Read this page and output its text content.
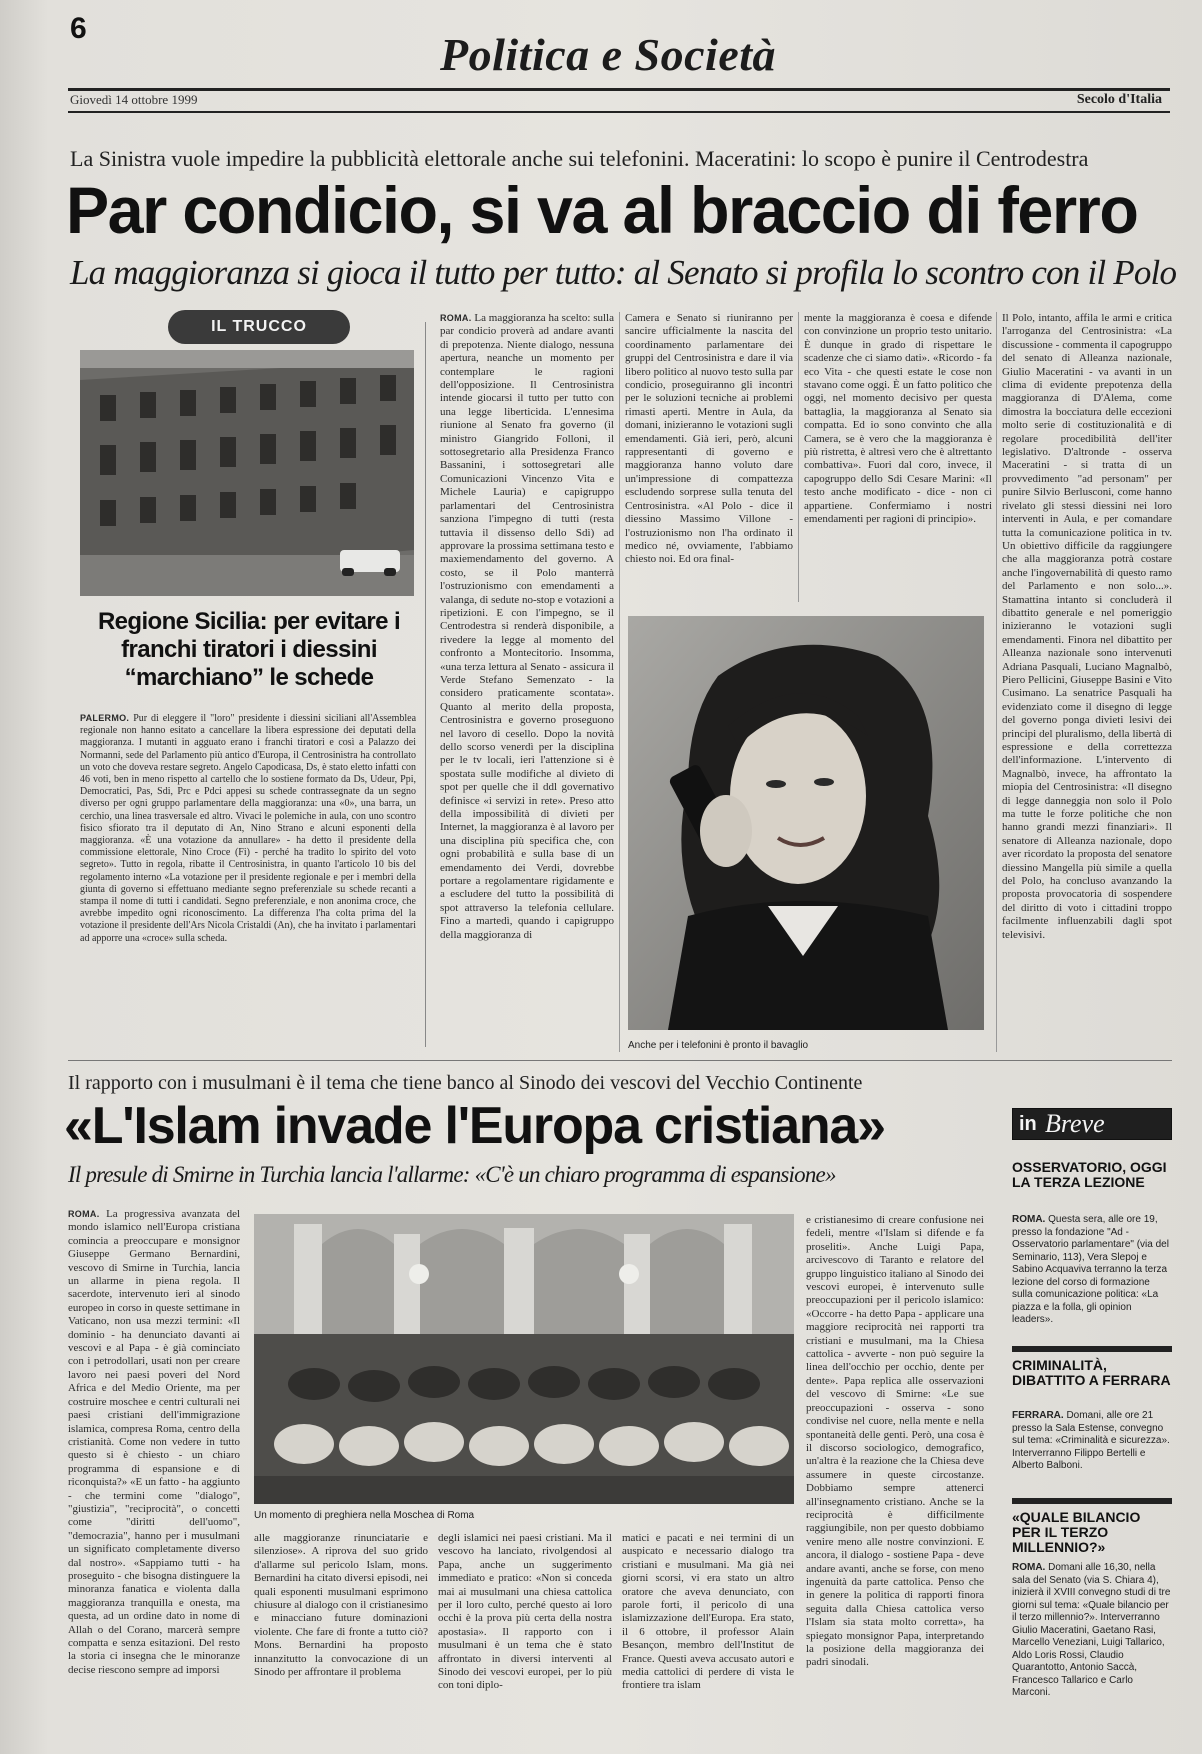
6
Politica e Società
Giovedì 14 ottobre 1999	Secolo d'Italia
La Sinistra vuole impedire la pubblicità elettorale anche sui telefonini. Maceratini: lo scopo è punire il Centrodestra
Par condicio, si va al braccio di ferro
La maggioranza si gioca il tutto per tutto: al Senato si profila lo scontro con il Polo
IL TRUCCO
Regione Sicilia: per evitare i franchi tiratori i diessini “marchiano” le schede
PALERMO. Pur di eleggere il "loro" presidente i diessini siciliani all'Assemblea regionale non hanno esitato a cancellare la libera espressione dei deputati della maggioranza. I mutanti in agguato erano i franchi tiratori e così a Palazzo dei Normanni, sede del Parlamento più antico d'Europa, il Centrosinistra ha controllato un voto che doveva restare segreto. Angelo Capodicasa, Ds, è stato eletto infatti con 46 voti, ben in meno rispetto al cartello che lo sostiene formato da Ds, Udeur, Ppi, Democratici, Pas, Sdi, Prc e Pdci appesi su schede contrassegnate da un segno diverso per ogni gruppo parlamentare della maggioranza: una «0», una barra, un cerchio, una linea trasversale ed altro. Vivaci le polemiche in aula, con uno scontro fisico sfiorato tra il deputato di An, Nino Strano e alcuni esponenti della maggioranza. «È una votazione da annullare» - ha detto il presidente della commissione elettorale, Nino Croce (Fi) - perché ha tradito lo spirito del voto segreto». Tutto in regola, ribatte il Centrosinistra, in quanto l'articolo 10 bis del regolamento interno «La votazione per il presidente regionale e per i membri della giunta di governo si effettuano mediante segno preferenziale su schede recanti a stampa il nome di tutti i candidati. Segno preferenziale, e non anonima croce, che avrebbe impedito ogni riconoscimento. La differenza l'ha colta prima del la votazione il presidente dell'Ars Nicola Cristaldi (An), che ha invitato i parlamentari ad apporre una «croce» sulla scheda.
ROMA. La maggioranza ha scelto: sulla par condicio proverà ad andare avanti di prepotenza. Niente dialogo, nessuna apertura, neanche un momento per contemplare le ragioni dell'opposizione. Il Centrosinistra intende giocarsi il tutto per tutto con una legge liberticida. L'ennesima riunione al Senato fra governo (il ministro Giangrido Folloni, il sottosegretario alla Presidenza Franco Bassanini, i sottosegretari alle Comunicazioni Vincenzo Vita e Michele Lauria) e capigruppo parlamentari del Centrosinistra sanziona l'impegno di tutti (resta tuttavia il dissenso dello Sdi) ad approvare la prossima settimana testo e maxiemendamento del governo. A costo, se il Polo manterrà l'ostruzionismo con emendamenti a valanga, di sedute no-stop e votazioni a ripetizioni. E con l'impegno, se il Centrodestra si renderà disponibile, a rivedere la legge al momento del confronto a Montecitorio. Insomma, «una terza lettura al Senato - assicura il Verde Stefano Semenzato - la considero praticamente scontata». Quanto al merito della proposta, Centrosinistra e governo proseguono nel lavoro di cesello. Dopo la novità dello scorso venerdì per la disciplina per le tv locali, ieri l'attenzione si è spostata sulle modifiche al divieto di spot per quelle che il ddl governativo definisce «i servizi in rete». Preso atto della impossibilità di divieti per Internet, la maggioranza è al lavoro per una disciplina più specifica che, con ogni probabilità e sulla base di un emendamento dei Verdi, dovrebbe portare a regolamentare rigidamente e a escludere del tutto la possibilità di spot attraverso la telefonia cellulare. Fino a martedì, quando i capigruppo della maggioranza di
Camera e Senato si riuniranno per sancire ufficialmente la nascita del coordinamento parlamentare dei gruppi del Centrosinistra e dare il via libero politico al nuovo testo sulla par condicio, proseguiranno gli incontri per le soluzioni tecniche ai problemi rimasti aperti. Mentre in Aula, da domani, inizieranno le votazioni sugli emendamenti. Già ieri, però, alcuni rappresentanti di governo e maggioranza hanno voluto dare un'impressione di compattezza escludendo sorprese sulla tenuta del Centrosinistra. «Al Polo - dice il diessino Massimo Villone - l'ostruzionismo non l'ha ordinato il medico né, ovviamente, l'abbiamo chiesto noi. Ed ora final-
mente la maggioranza è coesa e difende con convinzione un proprio testo unitario. È dunque in grado di rispettare le scadenze che ci siamo dati». «Ricordo - fa eco Vita - che questi estate le cose non stavano come oggi. È un fatto politico che oggi, nel momento decisivo per questa battaglia, la maggioranza al Senato sia compatta. Ed io sono convinto che alla Camera, se è vero che la maggioranza è più ristretta, è altresì vero che è altrettanto combattiva». Fuori dal coro, invece, il capogruppo dello Sdi Cesare Marini: «Il testo anche modificato - dice - non ci appartiene. Confermiamo i nostri emendamenti per ragioni di principio».
Il Polo, intanto, affila le armi e critica l'arroganza del Centrosinistra: «La discussione - commenta il capogruppo del senato di Alleanza nazionale, Giulio Maceratini - va avanti in un clima di evidente prepotenza della maggioranza di D'Alema, come dimostra la bocciatura delle eccezioni molto serie di costituzionalità e di regolare procedibilità dell'iter legislativo. D'altronde - osserva Maceratini - si tratta di un provvedimento "ad personam" per punire Silvio Berlusconi, come hanno rivelato gli stessi diessini nei loro interventi in Aula, e per comandare tutta la comunicazione politica in tv. Un obiettivo difficile da raggiungere che alla maggioranza potrà costare anche l'ingovernabilità di questo ramo del Parlamento e non solo...». Stamattina intanto si concluderà il dibattito generale e nel pomeriggio inizieranno le votazioni sugli emendamenti. Finora nel dibattito per Alleanza nazionale sono intervenuti Adriana Pasquali, Luciano Magnalbò, Piero Pellicini, Giuseppe Basini e Vito Cusimano. La senatrice Pasquali ha evidenziato come il disegno di legge del governo ponga divieti lesivi dei principi del pluralismo, della libertà di espressione e della correttezza dell'informazione. L'intervento di Magnalbò, invece, ha affrontato la miopia del Centrosinistra: «Il disegno di legge danneggia non solo il Polo ma tutte le forze politiche che non hanno grandi mezzi finanziari». Il senatore di Alleanza nazionale, dopo aver ricordato la proposta del senatore diessino Mangella più simile a quella del Polo, ha concluso avanzando la proposta provocatoria di sospendere del diritto di voto i cittadini troppo facilmente influenzabili dagli spot televisivi.
Anche per i telefonini è pronto il bavaglio
Il rapporto con i musulmani è il tema che tiene banco al Sinodo dei vescovi del Vecchio Continente
«L'Islam invade l'Europa cristiana»
Il presule di Smirne in Turchia lancia l'allarme: «C'è un chiaro programma di espansione»
ROMA. La progressiva avanzata del mondo islamico nell'Europa cristiana comincia a preoccupare e monsignor Giuseppe Germano Bernardini, vescovo di Smirne in Turchia, lancia un allarme in piena regola. Il sacerdote, intervenuto ieri al sinodo europeo in corso in queste settimane in Vaticano, non usa mezzi termini: «Il dominio - ha denunciato davanti ai vescovi e al Papa - è già cominciato con i petrodollari, usati non per creare lavoro nei paesi poveri del Nord Africa e del Medio Oriente, ma per costruire moschee e centri culturali nei paesi cristiani dell'immigrazione islamica, compresa Roma, centro della cristianità. Come non vedere in tutto questo si è chiesto - un chiaro programma di espansione e di riconquista?» «E un fatto - ha aggiunto - che termini come "dialogo", "giustizia", "reciprocità", o concetti come "diritti dell'uomo", "democrazia", hanno per i musulmani un significato completamente diverso dal nostro». «Sappiamo tutti - ha proseguito - che bisogna distinguere la minoranza fanatica e violenta dalla maggioranza tranquilla e onesta, ma questa, ad un ordine dato in nome di Allah o del Corano, marcerà sempre compatta e senza esitazioni. Del resto la storia ci insegna che le minoranze decise riescono sempre ad imporsi
Un momento di preghiera nella Moschea di Roma
alle maggioranze rinunciatarie e silenziose». A riprova del suo grido d'allarme sul pericolo Islam, mons. Bernardini ha citato diversi episodi, nei quali esponenti musulmani esprimono chiusure al dialogo con il cristianesimo e minacciano future dominazioni violente. Che fare di fronte a tutto ciò? Mons. Bernardini ha proposto innanzitutto la convocazione di un Sinodo per affrontare il problema
degli islamici nei paesi cristiani. Ma il vescovo ha lanciato, rivolgendosi al Papa, anche un suggerimento immediato e pratico: «Non si conceda mai ai musulmani una chiesa cattolica per il loro culto, perché questo ai loro occhi è la prova più certa della nostra apostasia». Il rapporto con i musulmani è un tema che è stato affrontato in diversi interventi al Sinodo dei vescovi europei, per lo più con toni diplo-
matici e pacati e nei termini di un auspicato e necessario dialogo tra cristiani e musulmani. Ma già nei giorni scorsi, vi era stato un altro oratore che aveva denunciato, con parole forti, il pericolo di una islamizzazione dell'Europa. Era stato, il 6 ottobre, il professor Alain Besançon, membro dell'Institut de France. Questi aveva accusato autori e media cattolici di perdere di vista le frontiere tra islam
e cristianesimo di creare confusione nei fedeli, mentre «l'Islam si difende e fa proseliti». Anche Luigi Papa, arcivescovo di Taranto e relatore del gruppo linguistico italiano al Sinodo dei vescovi europei, è intervenuto sulle preoccupazioni per il pericolo islamico: «Occorre - ha detto Papa - applicare una maggiore reciprocità nei rapporti tra cristiani e musulmani, ma la Chiesa cattolica - avverte - non può seguire la linea dell'occhio per occhio, dente per dente». Papa replica alle osservazioni del vescovo di Smirne: «Le sue preoccupazioni - osserva - sono condivise nel cuore, nella mente e nella spontaneità delle genti. Però, una cosa è il discorso sociologico, demografico, un'altra è la reazione che la Chiesa deve assumere in queste circostanze. Dobbiamo sempre attenerci all'insegnamento cristiano. Anche se la reciprocità è difficilmente raggiungibile, non per questo dobbiamo venire meno alle nostre convinzioni. E ancora, il dialogo - sostiene Papa - deve andare avanti, anche se forse, con meno ingenuità da parte cattolica. Penso che in genere la politica di rapporti finora seguita dalla Chiesa cattolica verso l'Islam sia stata molto corretta», ha spiegato monsignor Papa, interpretando la posizione della maggioranza dei padri sinodali.
in Breve
OSSERVATORIO, OGGI LA TERZA LEZIONE
ROMA. Questa sera, alle ore 19, presso la fondazione "Ad - Osservatorio parlamentare" (via del Seminario, 113), Vera Slepoj e Sabino Acquaviva terranno la terza lezione del corso di formazione sulla comunicazione politica: «La piazza e la folla, gli opinion leaders».
CRIMINALITÀ, DIBATTITO A FERRARA
FERRARA. Domani, alle ore 21 presso la Sala Estense, convegno sul tema: «Criminalità e sicurezza». Interverranno Filippo Bertelli e Alberto Balboni.
«QUALE BILANCIO PER IL TERZO MILLENNIO?»
ROMA. Domani alle 16,30, nella sala del Senato (via S. Chiara 4), inizierà il XVIII convegno studi di tre giorni sul tema: «Quale bilancio per il terzo millennio?». Interverranno Giulio Maceratini, Gaetano Rasi, Marcello Veneziani, Luigi Tallarico, Aldo Loris Rossi, Claudio Quarantotto, Antonio Saccà, Francesco Tallarico e Carlo Marconi.
